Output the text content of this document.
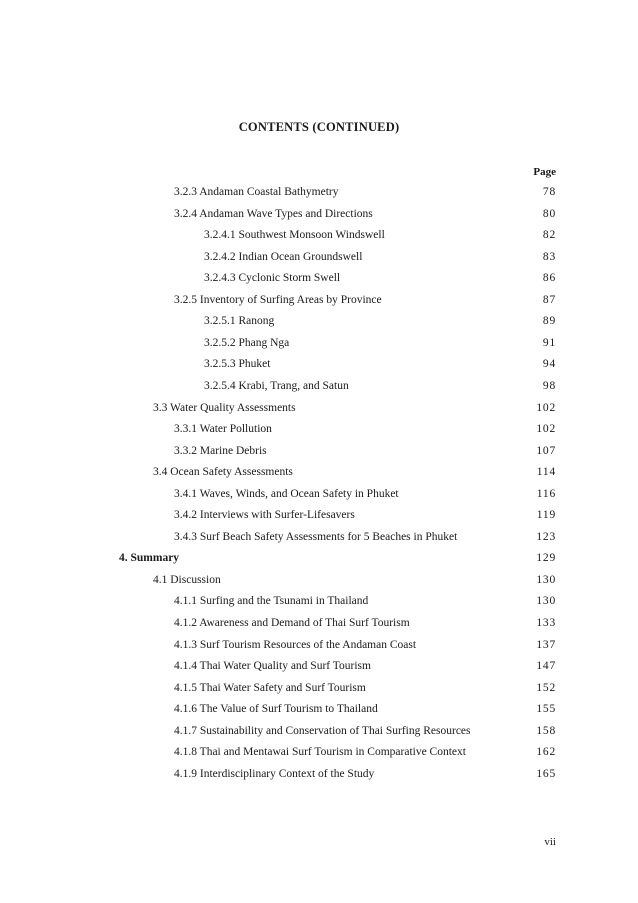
CONTENTS (CONTINUED)
Page
3.2.3 Andaman Coastal Bathymetry	78
3.2.4 Andaman Wave Types and Directions	80
3.2.4.1 Southwest Monsoon Windswell	82
3.2.4.2 Indian Ocean Groundswell	83
3.2.4.3 Cyclonic Storm Swell	86
3.2.5 Inventory of Surfing Areas by Province	87
3.2.5.1 Ranong	89
3.2.5.2 Phang Nga	91
3.2.5.3 Phuket	94
3.2.5.4 Krabi, Trang, and Satun	98
3.3 Water Quality Assessments	102
3.3.1 Water Pollution	102
3.3.2 Marine Debris	107
3.4 Ocean Safety Assessments	114
3.4.1 Waves, Winds, and Ocean Safety in Phuket	116
3.4.2 Interviews with Surfer-Lifesavers	119
3.4.3 Surf Beach Safety Assessments for 5 Beaches in Phuket	123
4. Summary	129
4.1 Discussion	130
4.1.1 Surfing and the Tsunami in Thailand	130
4.1.2 Awareness and Demand of Thai Surf Tourism	133
4.1.3 Surf Tourism Resources of the Andaman Coast	137
4.1.4 Thai Water Quality and Surf Tourism	147
4.1.5 Thai Water Safety and Surf Tourism	152
4.1.6 The Value of Surf Tourism to Thailand	155
4.1.7 Sustainability and Conservation of Thai Surfing Resources	158
4.1.8 Thai and Mentawai Surf Tourism in Comparative Context	162
4.1.9 Interdisciplinary Context of the Study	165
vii
